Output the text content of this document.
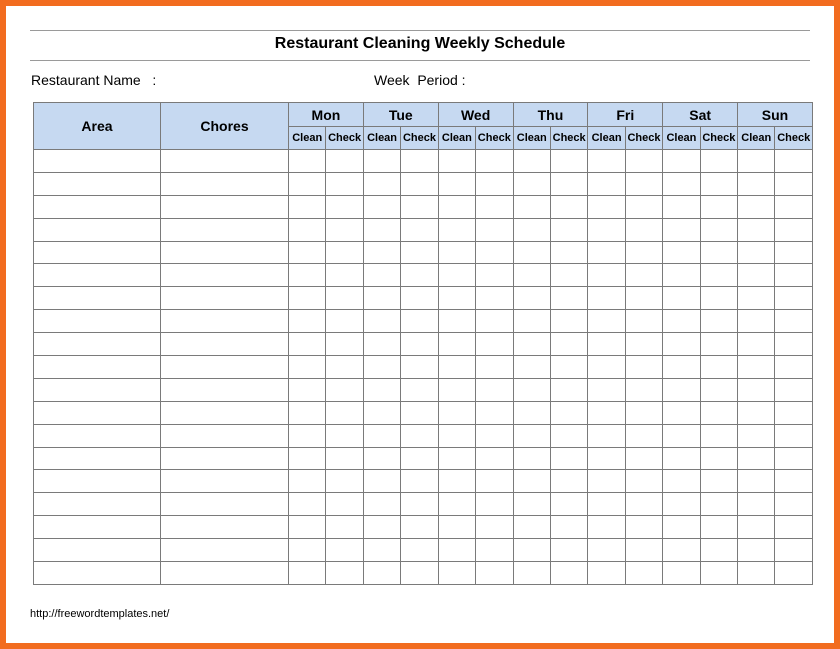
Restaurant Cleaning Weekly Schedule
Restaurant Name   :	Week  Period :
Area	Chores	Mon		Tue		Wed		Thu		Fri		Sat		Sun	
		Clean	Check	Clean	Check	Clean	Check	Clean	Check	Clean	Check	Clean	Check	Clean	Check

http://freewordtemplates.net/
